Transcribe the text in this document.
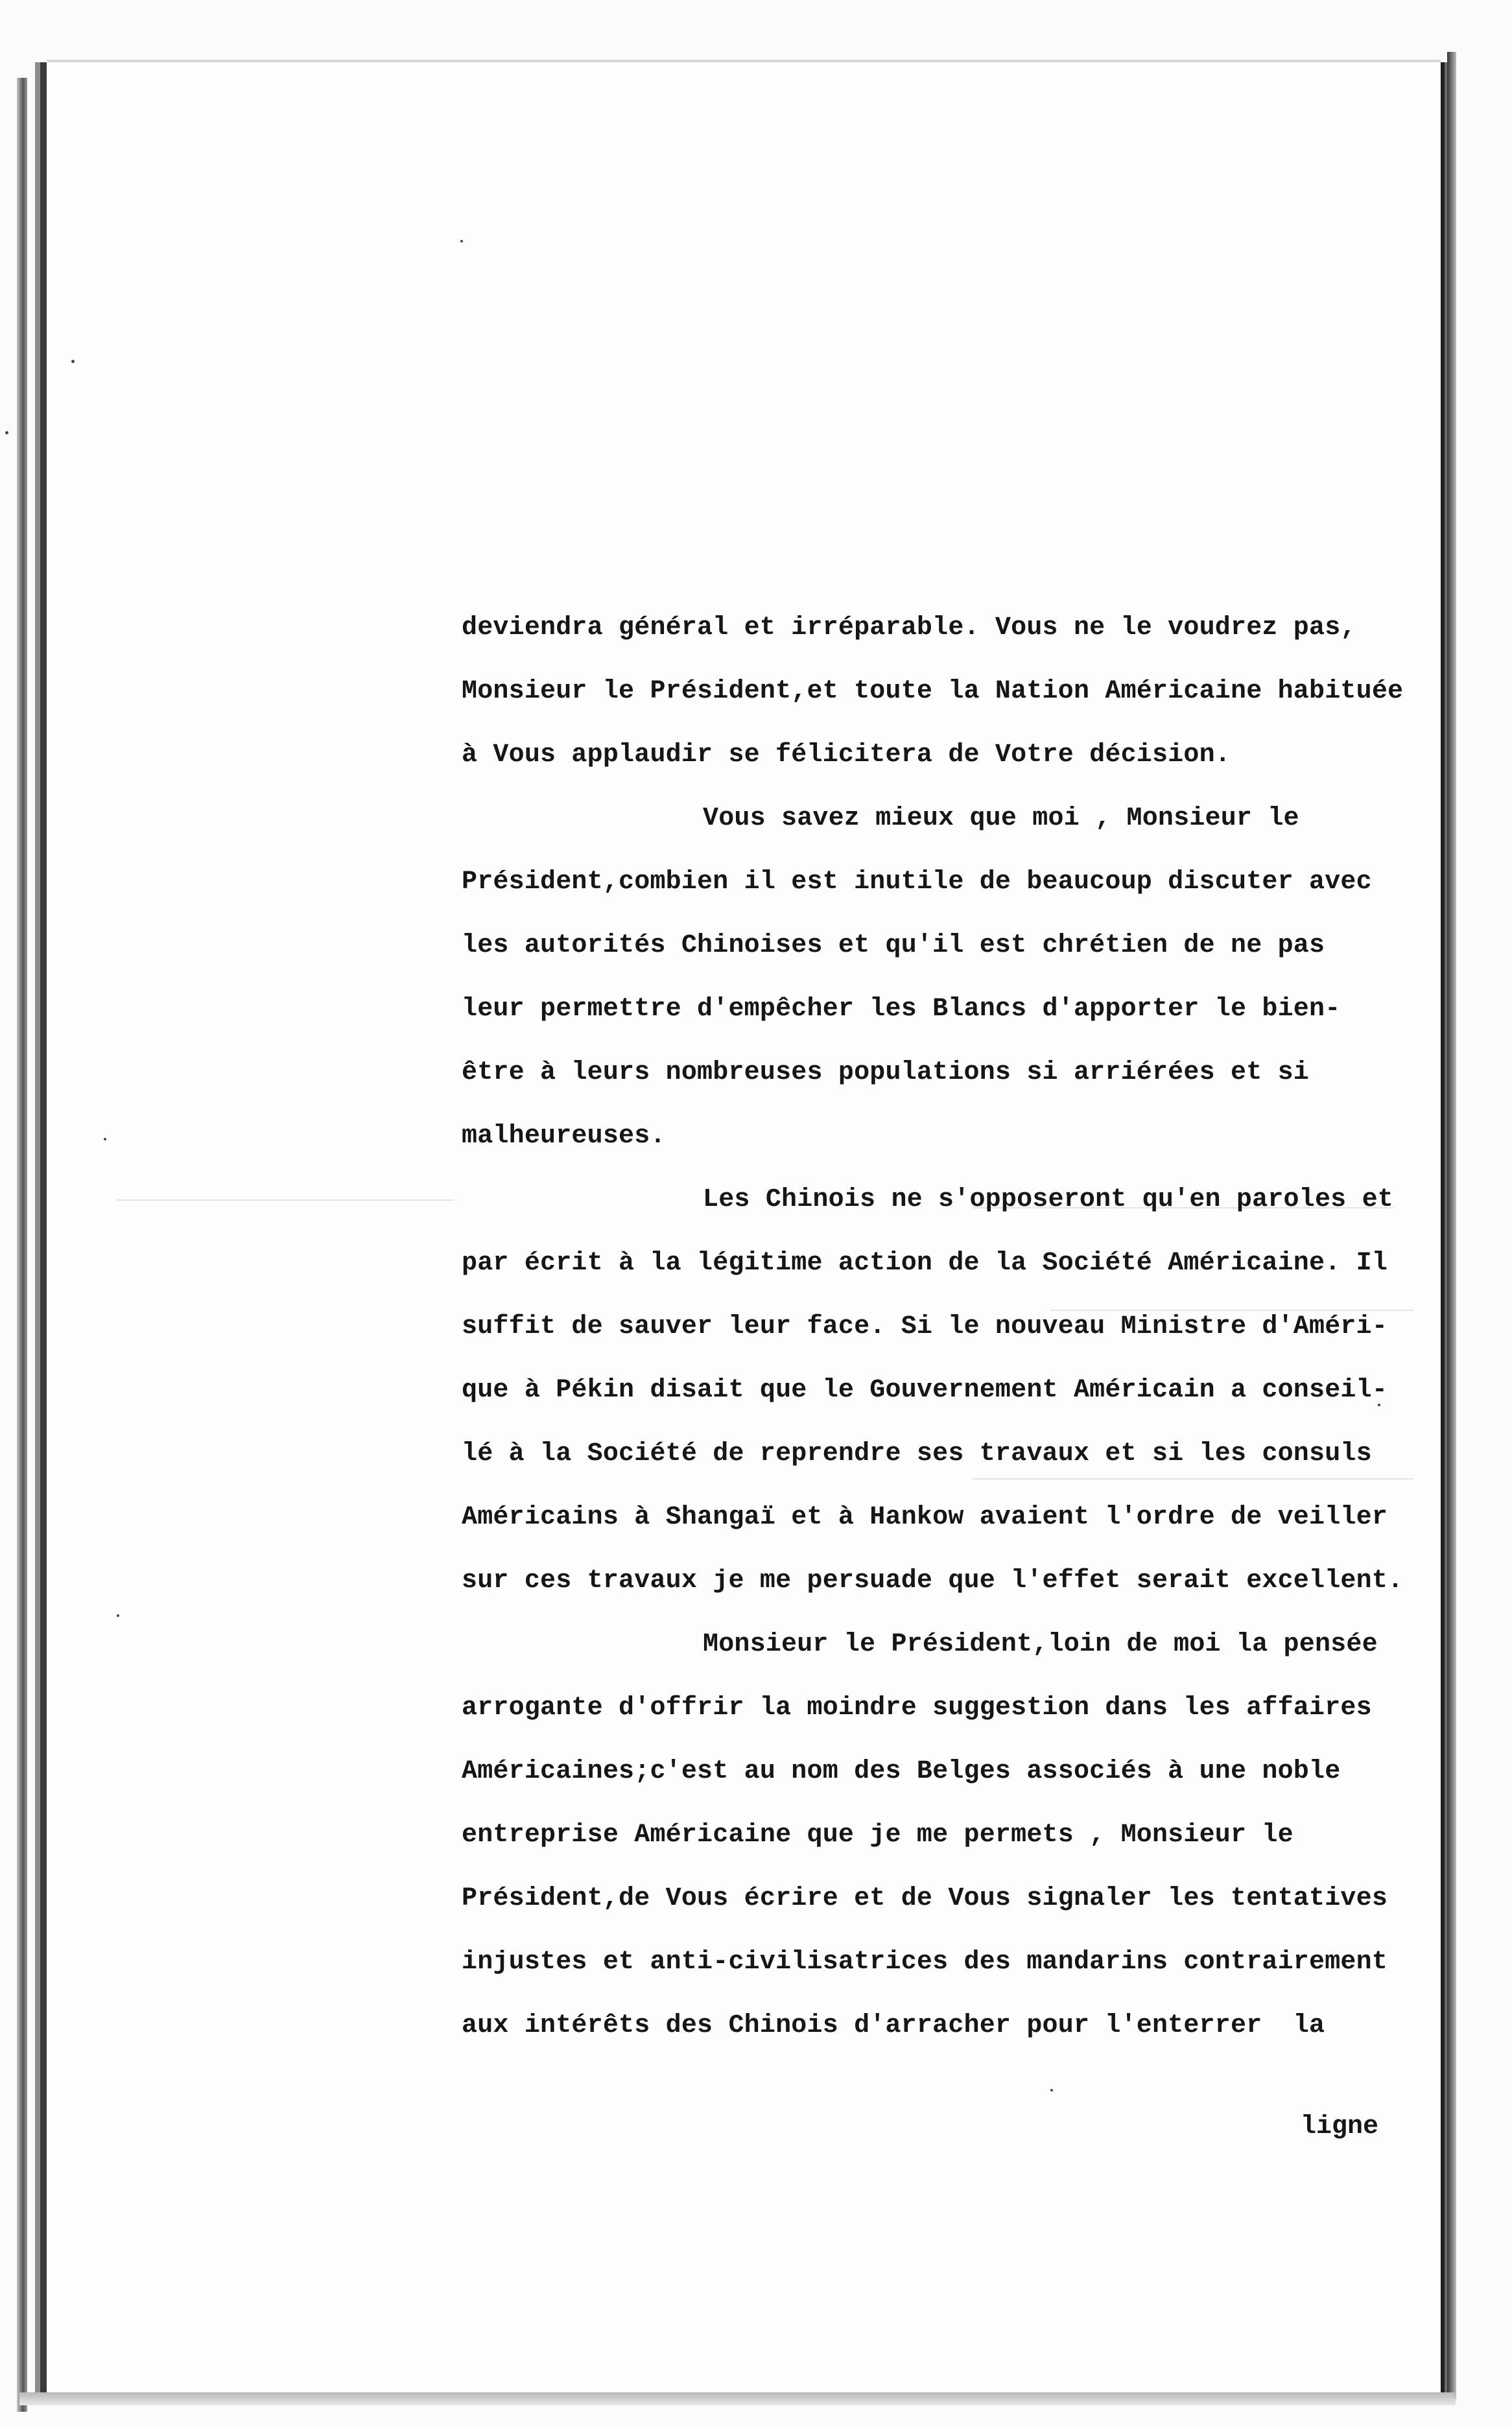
deviendra général et irréparable. Vous ne le voudrez pas,
Monsieur le Président,et toute la Nation Américaine habituée
à Vous applaudir se félicitera de Votre décision.
Vous savez mieux que moi , Monsieur le
Président,combien il est inutile de beaucoup discuter avec
les autorités Chinoises et qu'il est chrétien de ne pas
leur permettre d'empêcher les Blancs d'apporter le bien-
être à leurs nombreuses populations si arriérées et si
malheureuses.
Les Chinois ne s'opposeront qu'en paroles et
par écrit à la légitime action de la Société Américaine. Il
suffit de sauver leur face. Si le nouveau Ministre d'Améri-
que à Pékin disait que le Gouvernement Américain a conseil-
lé à la Société de reprendre ses travaux et si les consuls
Américains à Shangaï et à Hankow avaient l'ordre de veiller
sur ces travaux je me persuade que l'effet serait excellent.
Monsieur le Président,loin de moi la pensée
arrogante d'offrir la moindre suggestion dans les affaires
Américaines;c'est au nom des Belges associés à une noble
entreprise Américaine que je me permets , Monsieur le
Président,de Vous écrire et de Vous signaler les tentatives
injustes et anti-civilisatrices des mandarins contrairement
aux intérêts des Chinois d'arracher pour l'enterrer  la
ligne
